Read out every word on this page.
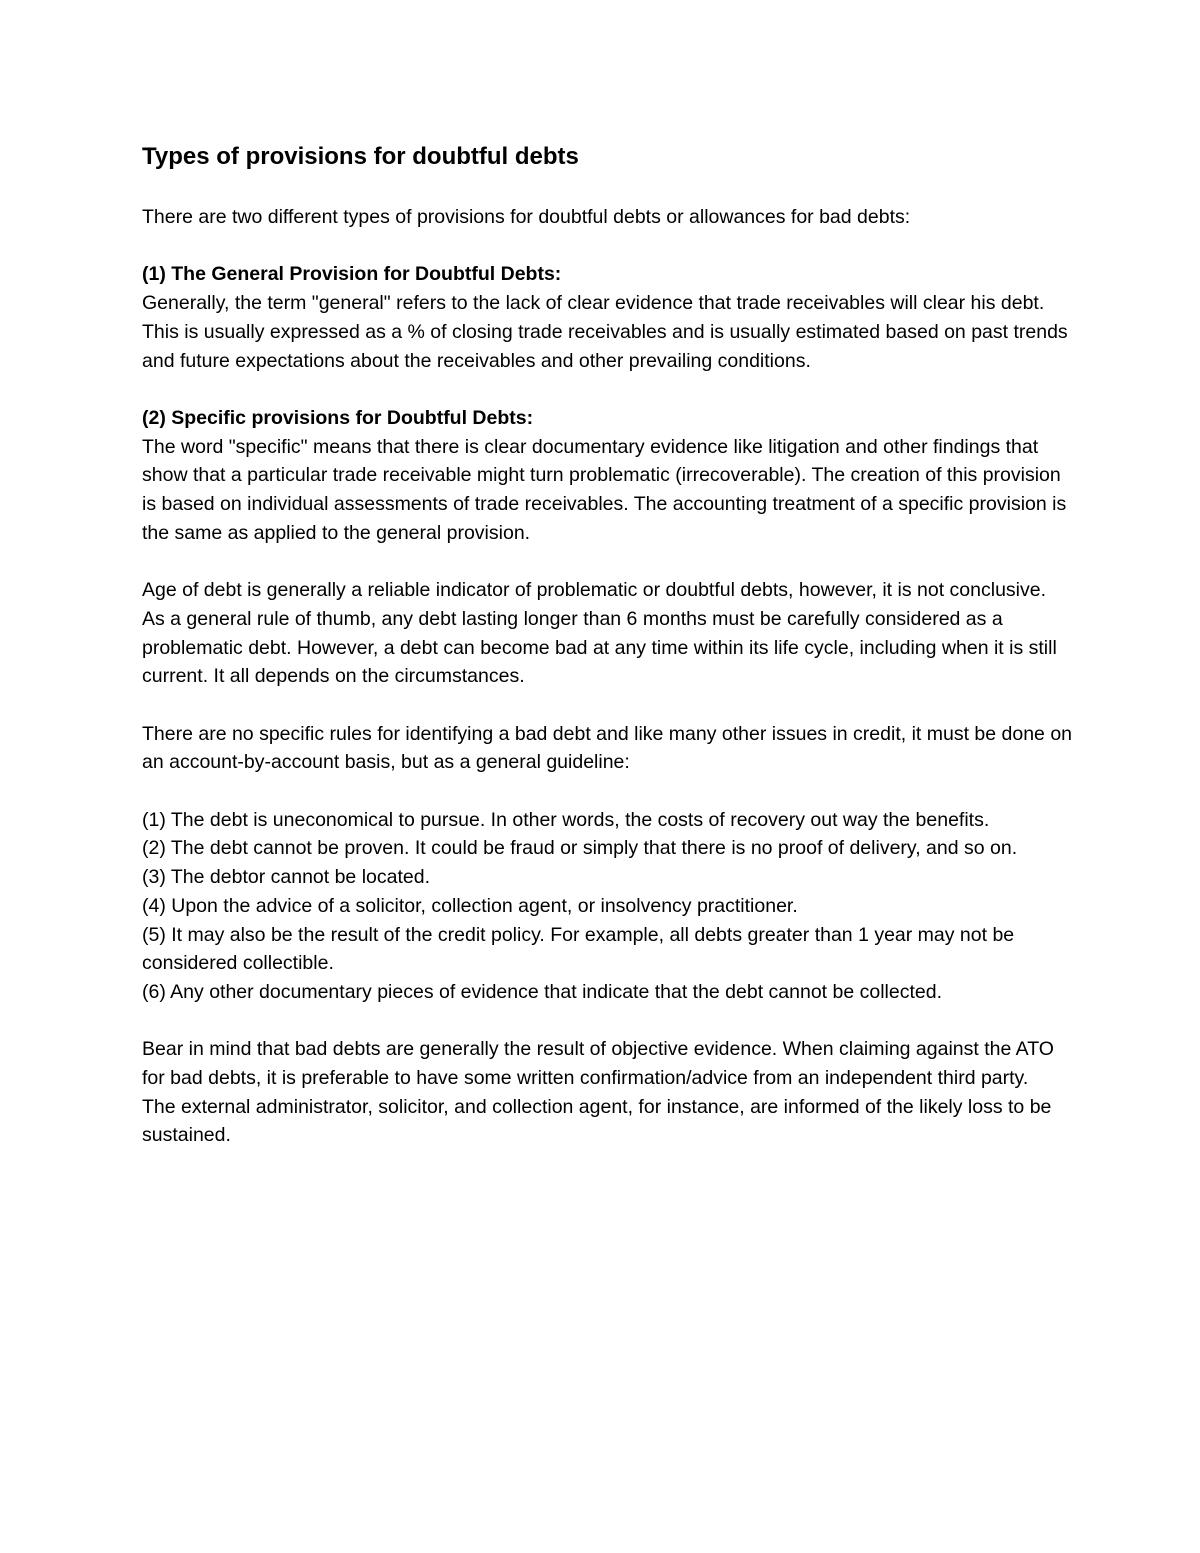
Types of provisions for doubtful debts

There are two different types of provisions for doubtful debts or allowances for bad debts:

(1) The General Provision for Doubtful Debts:

Generally, the term "general" refers to the lack of clear evidence that trade receivables will clear his debt. This is usually expressed as a % of closing trade receivables and is usually estimated based on past trends and future expectations about the receivables and other prevailing conditions.

(2) Specific provisions for Doubtful Debts:

The word "specific" means that there is clear documentary evidence like litigation and other findings that show that a particular trade receivable might turn problematic (irrecoverable). The creation of this provision is based on individual assessments of trade receivables. The accounting treatment of a specific provision is the same as applied to the general provision.

Age of debt is generally a reliable indicator of problematic or doubtful debts, however, it is not conclusive. As a general rule of thumb, any debt lasting longer than 6 months must be carefully considered as a problematic debt. However, a debt can become bad at any time within its life cycle, including when it is still current. It all depends on the circumstances.

There are no specific rules for identifying a bad debt and like many other issues in credit, it must be done on an account-by-account basis, but as a general guideline:

(1) The debt is uneconomical to pursue. In other words, the costs of recovery out way the benefits.

(2) The debt cannot be proven. It could be fraud or simply that there is no proof of delivery, and so on.

(3) The debtor cannot be located.

(4) Upon the advice of a solicitor, collection agent, or insolvency practitioner.

(5) It may also be the result of the credit policy. For example, all debts greater than 1 year may not be considered collectible.

(6) Any other documentary pieces of evidence that indicate that the debt cannot be collected.

Bear in mind that bad debts are generally the result of objective evidence. When claiming against the ATO for bad debts, it is preferable to have some written confirmation/advice from an independent third party.

The external administrator, solicitor, and collection agent, for instance, are informed of the likely loss to be sustained.
